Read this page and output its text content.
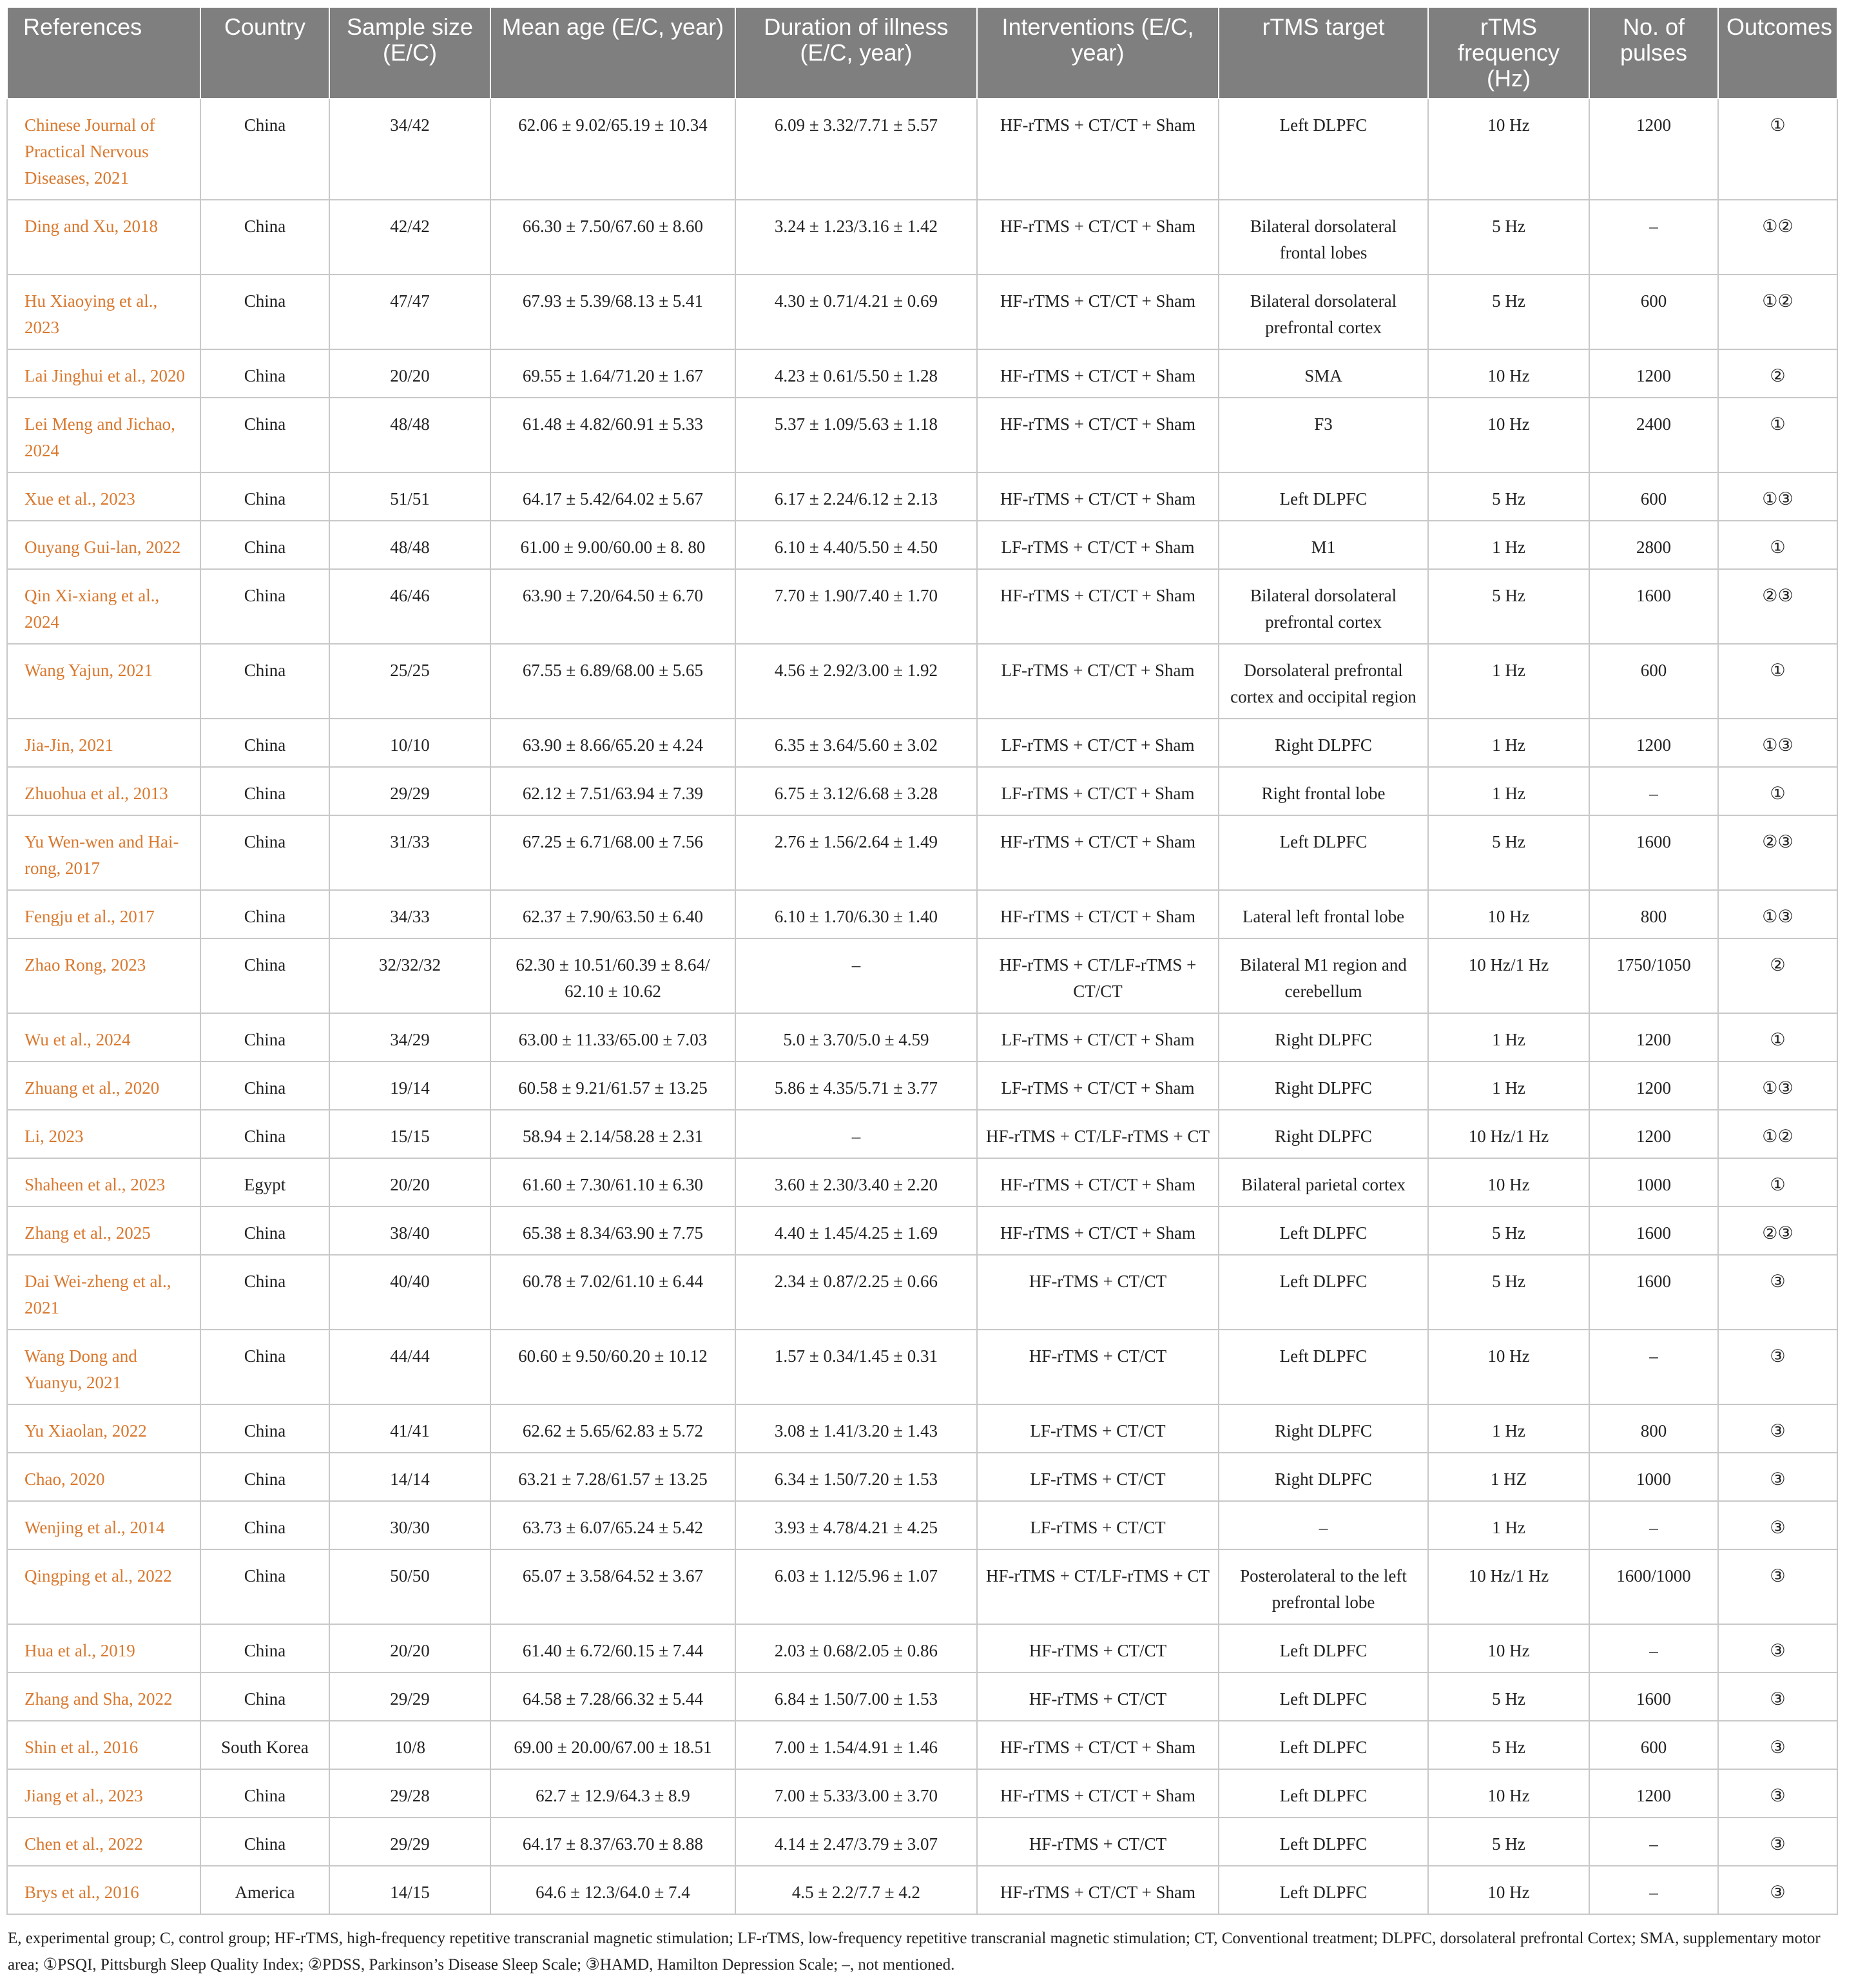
References	Country	Sample size (E/C)	Mean age (E/C, year)	Duration of illness (E/C, year)	Interventions (E/C, year)	rTMS target	rTMS frequency (Hz)	No. of pulses	Outcomes
Chinese Journal of Practical Nervous Diseases, 2021	China	34/42	62.06 ± 9.02/65.19 ± 10.34	6.09 ± 3.32/7.71 ± 5.57	HF-rTMS + CT/CT + Sham	Left DLPFC	10 Hz	1200	①
Ding and Xu, 2018	China	42/42	66.30 ± 7.50/67.60 ± 8.60	3.24 ± 1.23/3.16 ± 1.42	HF-rTMS + CT/CT + Sham	Bilateral dorsolateral frontal lobes	5 Hz	–	①②
Hu Xiaoying et al., 2023	China	47/47	67.93 ± 5.39/68.13 ± 5.41	4.30 ± 0.71/4.21 ± 0.69	HF-rTMS + CT/CT + Sham	Bilateral dorsolateral prefrontal cortex	5 Hz	600	①②
Lai Jinghui et al., 2020	China	20/20	69.55 ± 1.64/71.20 ± 1.67	4.23 ± 0.61/5.50 ± 1.28	HF-rTMS + CT/CT + Sham	SMA	10 Hz	1200	②
Lei Meng and Jichao, 2024	China	48/48	61.48 ± 4.82/60.91 ± 5.33	5.37 ± 1.09/5.63 ± 1.18	HF-rTMS + CT/CT + Sham	F3	10 Hz	2400	①
Xue et al., 2023	China	51/51	64.17 ± 5.42/64.02 ± 5.67	6.17 ± 2.24/6.12 ± 2.13	HF-rTMS + CT/CT + Sham	Left DLPFC	5 Hz	600	①③
Ouyang Gui-lan, 2022	China	48/48	61.00 ± 9.00/60.00 ± 8. 80	6.10 ± 4.40/5.50 ± 4.50	LF-rTMS + CT/CT + Sham	M1	1 Hz	2800	①
Qin Xi-xiang et al., 2024	China	46/46	63.90 ± 7.20/64.50 ± 6.70	7.70 ± 1.90/7.40 ± 1.70	HF-rTMS + CT/CT + Sham	Bilateral dorsolateral prefrontal cortex	5 Hz	1600	②③
Wang Yajun, 2021	China	25/25	67.55 ± 6.89/68.00 ± 5.65	4.56 ± 2.92/3.00 ± 1.92	LF-rTMS + CT/CT + Sham	Dorsolateral prefrontal cortex and occipital region	1 Hz	600	①
Jia-Jin, 2021	China	10/10	63.90 ± 8.66/65.20 ± 4.24	6.35 ± 3.64/5.60 ± 3.02	LF-rTMS + CT/CT + Sham	Right DLPFC	1 Hz	1200	①③
Zhuohua et al., 2013	China	29/29	62.12 ± 7.51/63.94 ± 7.39	6.75 ± 3.12/6.68 ± 3.28	LF-rTMS + CT/CT + Sham	Right frontal lobe	1 Hz	–	①
Yu Wen-wen and Hai-rong, 2017	China	31/33	67.25 ± 6.71/68.00 ± 7.56	2.76 ± 1.56/2.64 ± 1.49	HF-rTMS + CT/CT + Sham	Left DLPFC	5 Hz	1600	②③
Fengju et al., 2017	China	34/33	62.37 ± 7.90/63.50 ± 6.40	6.10 ± 1.70/6.30 ± 1.40	HF-rTMS + CT/CT + Sham	Lateral left frontal lobe	10 Hz	800	①③
Zhao Rong, 2023	China	32/32/32	62.30 ± 10.51/60.39 ± 8.64/ 62.10 ± 10.62	–	HF-rTMS + CT/LF-rTMS + CT/CT	Bilateral M1 region and cerebellum	10 Hz/1 Hz	1750/1050	②
Wu et al., 2024	China	34/29	63.00 ± 11.33/65.00 ± 7.03	5.0 ± 3.70/5.0 ± 4.59	LF-rTMS + CT/CT + Sham	Right DLPFC	1 Hz	1200	①
Zhuang et al., 2020	China	19/14	60.58 ± 9.21/61.57 ± 13.25	5.86 ± 4.35/5.71 ± 3.77	LF-rTMS + CT/CT + Sham	Right DLPFC	1 Hz	1200	①③
Li, 2023	China	15/15	58.94 ± 2.14/58.28 ± 2.31	–	HF-rTMS + CT/LF-rTMS + CT	Right DLPFC	10 Hz/1 Hz	1200	①②
Shaheen et al., 2023	Egypt	20/20	61.60 ± 7.30/61.10 ± 6.30	3.60 ± 2.30/3.40 ± 2.20	HF-rTMS + CT/CT + Sham	Bilateral parietal cortex	10 Hz	1000	①
Zhang et al., 2025	China	38/40	65.38 ± 8.34/63.90 ± 7.75	4.40 ± 1.45/4.25 ± 1.69	HF-rTMS + CT/CT + Sham	Left DLPFC	5 Hz	1600	②③
Dai Wei-zheng et al., 2021	China	40/40	60.78 ± 7.02/61.10 ± 6.44	2.34 ± 0.87/2.25 ± 0.66	HF-rTMS + CT/CT	Left DLPFC	5 Hz	1600	③
Wang Dong and Yuanyu, 2021	China	44/44	60.60 ± 9.50/60.20 ± 10.12	1.57 ± 0.34/1.45 ± 0.31	HF-rTMS + CT/CT	Left DLPFC	10 Hz	–	③
Yu Xiaolan, 2022	China	41/41	62.62 ± 5.65/62.83 ± 5.72	3.08 ± 1.41/3.20 ± 1.43	LF-rTMS + CT/CT	Right DLPFC	1 Hz	800	③
Chao, 2020	China	14/14	63.21 ± 7.28/61.57 ± 13.25	6.34 ± 1.50/7.20 ± 1.53	LF-rTMS + CT/CT	Right DLPFC	1 HZ	1000	③
Wenjing et al., 2014	China	30/30	63.73 ± 6.07/65.24 ± 5.42	3.93 ± 4.78/4.21 ± 4.25	LF-rTMS + CT/CT	–	1 Hz	–	③
Qingping et al., 2022	China	50/50	65.07 ± 3.58/64.52 ± 3.67	6.03 ± 1.12/5.96 ± 1.07	HF-rTMS + CT/LF-rTMS + CT	Posterolateral to the left prefrontal lobe	10 Hz/1 Hz	1600/1000	③
Hua et al., 2019	China	20/20	61.40 ± 6.72/60.15 ± 7.44	2.03 ± 0.68/2.05 ± 0.86	HF-rTMS + CT/CT	Left DLPFC	10 Hz	–	③
Zhang and Sha, 2022	China	29/29	64.58 ± 7.28/66.32 ± 5.44	6.84 ± 1.50/7.00 ± 1.53	HF-rTMS + CT/CT	Left DLPFC	5 Hz	1600	③
Shin et al., 2016	South Korea	10/8	69.00 ± 20.00/67.00 ± 18.51	7.00 ± 1.54/4.91 ± 1.46	HF-rTMS + CT/CT + Sham	Left DLPFC	5 Hz	600	③
Jiang et al., 2023	China	29/28	62.7 ± 12.9/64.3 ± 8.9	7.00 ± 5.33/3.00 ± 3.70	HF-rTMS + CT/CT + Sham	Left DLPFC	10 Hz	1200	③
Chen et al., 2022	China	29/29	64.17 ± 8.37/63.70 ± 8.88	4.14 ± 2.47/3.79 ± 3.07	HF-rTMS + CT/CT	Left DLPFC	5 Hz	–	③
Brys et al., 2016	America	14/15	64.6 ± 12.3/64.0 ± 7.4	4.5 ± 2.2/7.7 ± 4.2	HF-rTMS + CT/CT + Sham	Left DLPFC	10 Hz	–	③
E, experimental group; C, control group; HF-rTMS, high-frequency repetitive transcranial magnetic stimulation; LF-rTMS, low-frequency repetitive transcranial magnetic stimulation; CT, Conventional treatment; DLPFC, dorsolateral prefrontal Cortex; SMA, supplementary motor area; ①PSQI, Pittsburgh Sleep Quality Index; ②PDSS, Parkinson’s Disease Sleep Scale; ③HAMD, Hamilton Depression Scale; –, not mentioned.
